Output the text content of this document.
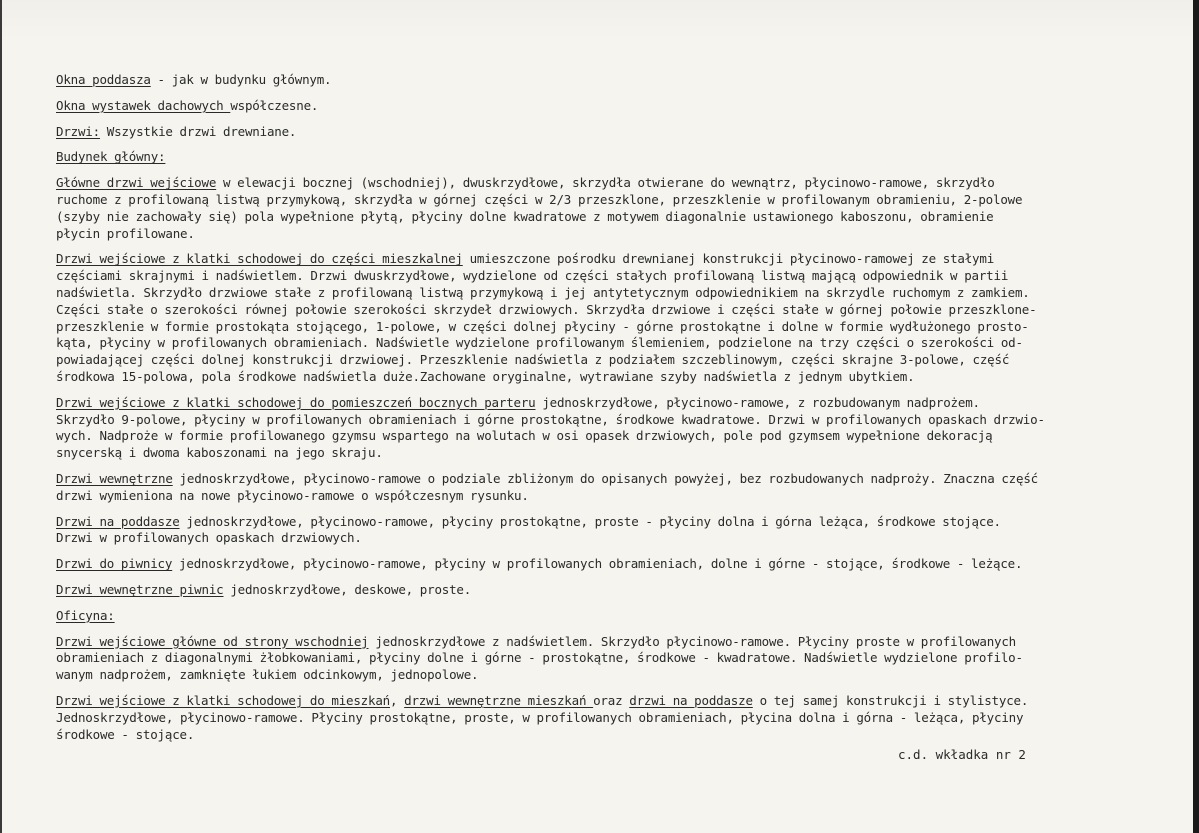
Okna poddasza - jak w budynku głównym.

Okna wystawek dachowych współczesne.

Drzwi: Wszystkie drzwi drewniane.

Budynek główny:

Główne drzwi wejściowe w elewacji bocznej (wschodniej), dwuskrzydłowe, skrzydła otwierane do wewnątrz, płycinowo-ramowe, skrzydło
ruchome z profilowaną listwą przymykową, skrzydła w górnej części w 2/3 przeszklone, przeszklenie w profilowanym obramieniu, 2-polowe
(szyby nie zachowały się) pola wypełnione płytą, płyciny dolne kwadratowe z motywem diagonalnie ustawionego kaboszonu, obramienie
płycin profilowane.

Drzwi wejściowe z klatki schodowej do części mieszkalnej umieszczone pośrodku drewnianej konstrukcji płycinowo-ramowej ze stałymi
częściami skrajnymi i nadświetlem. Drzwi dwuskrzydłowe, wydzielone od części stałych profilowaną listwą mającą odpowiednik w partii
nadświetla. Skrzydło drzwiowe stałe z profilowaną listwą przymykową i jej antytetycznym odpowiednikiem na skrzydle ruchomym z zamkiem.
Części stałe o szerokości równej połowie szerokości skrzydeł drzwiowych. Skrzydła drzwiowe i części stałe w górnej połowie przeszklone-
przeszklenie w formie prostokąta stojącego, 1-polowe, w części dolnej płyciny - górne prostokątne i dolne w formie wydłużonego prosto-
kąta, płyciny w profilowanych obramieniach. Nadświetle wydzielone profilowanym ślemieniem, podzielone na trzy części o szerokości od-
powiadającej części dolnej konstrukcji drzwiowej. Przeszklenie nadświetla z podziałem szczeblinowym, części skrajne 3-polowe, część
środkowa 15-polowa, pola środkowe nadświetla duże.Zachowane oryginalne, wytrawiane szyby nadświetla z jednym ubytkiem.

Drzwi wejściowe z klatki schodowej do pomieszczeń bocznych parteru jednoskrzydłowe, płycinowo-ramowe, z rozbudowanym nadprożem.
Skrzydło 9-polowe, płyciny w profilowanych obramieniach i górne prostokątne, środkowe kwadratowe. Drzwi w profilowanych opaskach drzwio-
wych. Nadproże w formie profilowanego gzymsu wspartego na wolutach w osi opasek drzwiowych, pole pod gzymsem wypełnione dekoracją
snycerską i dwoma kaboszonami na jego skraju.

Drzwi wewnętrzne jednoskrzydłowe, płycinowo-ramowe o podziale zbliżonym do opisanych powyżej, bez rozbudowanych nadproży. Znaczna część
drzwi wymieniona na nowe płycinowo-ramowe o współczesnym rysunku.

Drzwi na poddasze jednoskrzydłowe, płycinowo-ramowe, płyciny prostokątne, proste - płyciny dolna i górna leżąca, środkowe stojące.
Drzwi w profilowanych opaskach drzwiowych.

Drzwi do piwnicy jednoskrzydłowe, płycinowo-ramowe, płyciny w profilowanych obramieniach, dolne i górne - stojące, środkowe - leżące.

Drzwi wewnętrzne piwnic jednoskrzydłowe, deskowe, proste.

Oficyna:

Drzwi wejściowe główne od strony wschodniej jednoskrzydłowe z nadświetlem. Skrzydło płycinowo-ramowe. Płyciny proste w profilowanych
obramieniach z diagonalnymi żłobkowaniami, płyciny dolne i górne - prostokątne, środkowe - kwadratowe. Nadświetle wydzielone profilo-
wanym nadprożem, zamknięte łukiem odcinkowym, jednopolowe.

Drzwi wejściowe z klatki schodowej do mieszkań, drzwi wewnętrzne mieszkań oraz drzwi na poddasze o tej samej konstrukcji i stylistyce.
Jednoskrzydłowe, płycinowo-ramowe. Płyciny prostokątne, proste, w profilowanych obramieniach, płycina dolna i górna - leżąca, płyciny
środkowe - stojące.

c.d. wkładka nr 2
